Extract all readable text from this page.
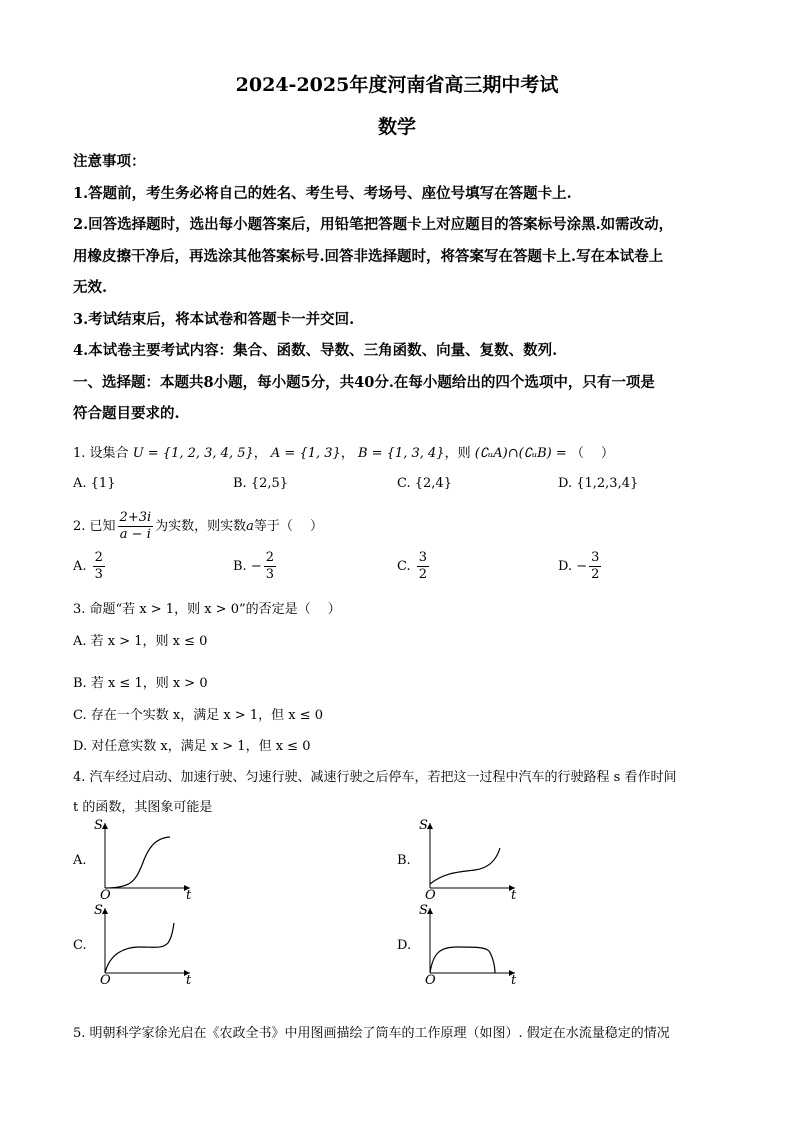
2024-2025年度河南省高三期中考试
数学
注意事项：
1.答题前，考生务必将自己的姓名、考生号、考场号、座位号填写在答题卡上.
2.回答选择题时，选出每小题答案后，用铅笔把答题卡上对应题目的答案标号涂黑.如需改动，
用橡皮擦干净后，再选涂其他答案标号.回答非选择题时，将答案写在答题卡上.写在本试卷上
无效.
3.考试结束后，将本试卷和答题卡一并交回.
4.本试卷主要考试内容：集合、函数、导数、三角函数、向量、复数、数列.
一、选择题：本题共8小题，每小题5分，共40分.在每小题给出的四个选项中，只有一项是
符合题目要求的.
1. 设集合 U = {1, 2, 3, 4, 5}， A = {1, 3}， B = {1, 3, 4}，则 (∁ᵤA)∩(∁ᵤB) = （　 ）
A. {1}	B. {2,5}	C. {2,4}	D. {1,2,3,4}
2. 已知 $\frac{2+3i}{a - i}$ 为实数，则实数a等于（　 ）
A. $\frac{2}{3}$	B. − $\frac{2}{3}$	C. $\frac{3}{2}$	D. − $\frac{3}{2}$
3. 命题“若 x > 1，则 x > 0”的否定是（　 ）
A. 若 x > 1，则 x ≤ 0
B. 若 x ≤ 1，则 x > 0
C. 存在一个实数 x，满足 x > 1，但 x ≤ 0
D. 对任意实数 x，满足 x > 1，但 x ≤ 0
4. 汽车经过启动、加速行驶、匀速行驶、减速行驶之后停车，若把这一过程中汽车的行驶路程 s 看作时间
t 的函数，其图象可能是
A.
S
O	t
B.
S
O	t
C.
S
O	t
D.
S
O	t
5. 明朝科学家徐光启在《农政全书》中用图画描绘了筒车的工作原理（如图）. 假定在水流量稳定的情况
